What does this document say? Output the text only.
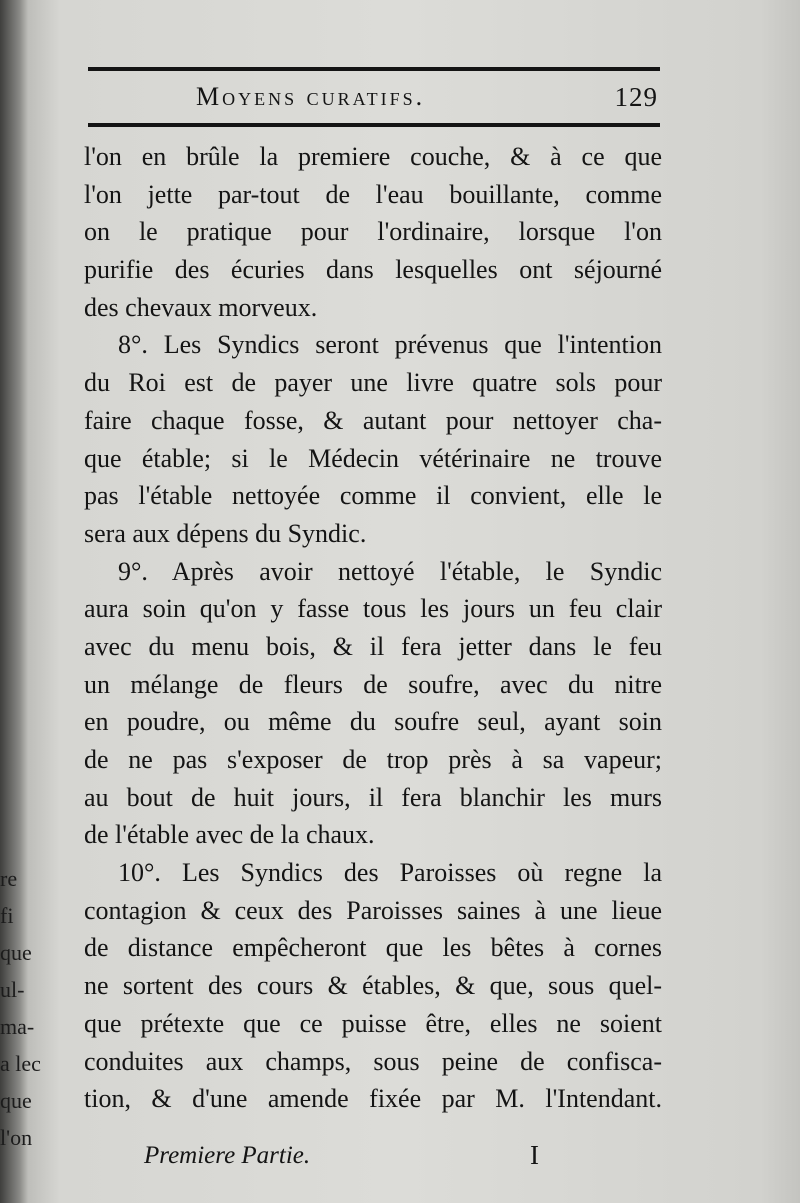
re
fi
que
ul-
ma-
a lec
que
l'on
Moyens curatifs.	129
l'on en brûle la premiere couche, & à ce que
l'on jette par-tout de l'eau bouillante, comme
on le pratique pour l'ordinaire, lorsque l'on
purifie des écuries dans lesquelles ont séjourné
des chevaux morveux.
8°. Les Syndics seront prévenus que l'intention
du Roi est de payer une livre quatre sols pour
faire chaque fosse, & autant pour nettoyer cha-
que étable; si le Médecin vétérinaire ne trouve
pas l'étable nettoyée comme il convient, elle le
sera aux dépens du Syndic.
9°. Après avoir nettoyé l'étable, le Syndic
aura soin qu'on y fasse tous les jours un feu clair
avec du menu bois, & il fera jetter dans le feu
un mélange de fleurs de soufre, avec du nitre
en poudre, ou même du soufre seul, ayant soin
de ne pas s'exposer de trop près à sa vapeur;
au bout de huit jours, il fera blanchir les murs
de l'étable avec de la chaux.
10°. Les Syndics des Paroisses où regne la
contagion & ceux des Paroisses saines à une lieue
de distance empêcheront que les bêtes à cornes
ne sortent des cours & étables, & que, sous quel-
que prétexte que ce puisse être, elles ne soient
conduites aux champs, sous peine de confisca-
tion, & d'une amende fixée par M. l'Intendant.
Premiere Partie.	I
